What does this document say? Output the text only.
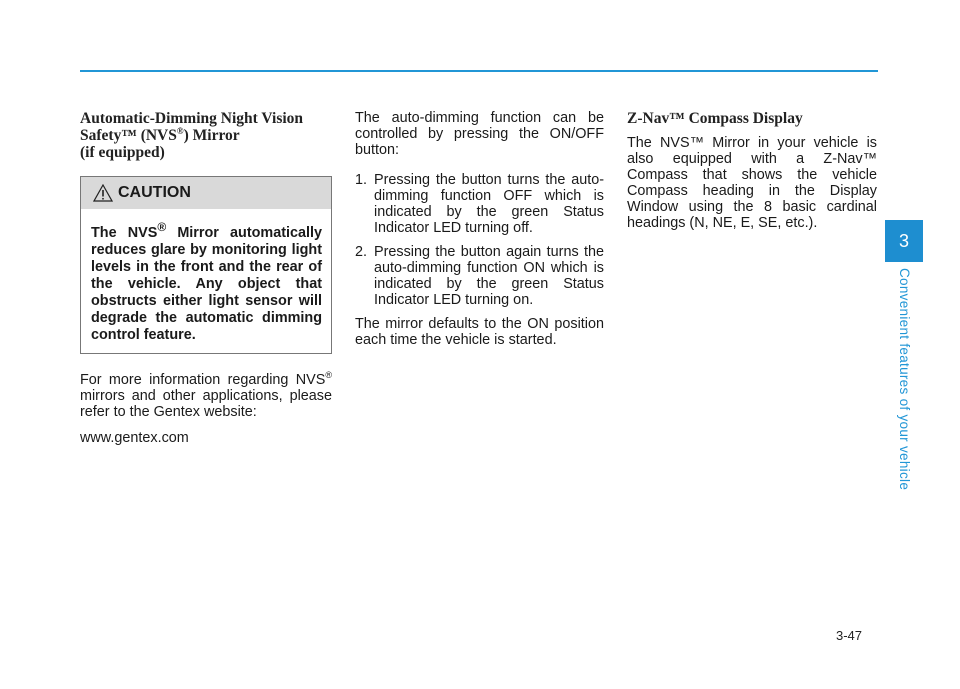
Automatic-Dimming Night Vision
Safety™ (NVS®) Mirror
(if equipped)
CAUTION
The NVS® Mirror automatically reduces glare by monitoring light levels in the front and the rear of the vehicle. Any object that obstructs either light sensor will degrade the automatic dimming control feature.

For more information regarding NVS® mirrors and other applications, please refer to the Gentex website:

www.gentex.com

The auto-dimming function can be controlled by pressing the ON/OFF button:

1. Pressing the button turns the auto-dimming function OFF which is indicated by the green Status Indicator LED turning off.
2. Pressing the button again turns the auto-dimming function ON which is indicated by the green Status Indicator LED turning on.

The mirror defaults to the ON position each time the vehicle is started.

Z-Nav™ Compass Display

The NVS™ Mirror in your vehicle is also equipped with a Z-Nav™ Compass that shows the vehicle Compass heading in the Display Window using the 8 basic cardinal headings (N, NE, E, SE, etc.).

3
Convenient features of your vehicle
3-47
